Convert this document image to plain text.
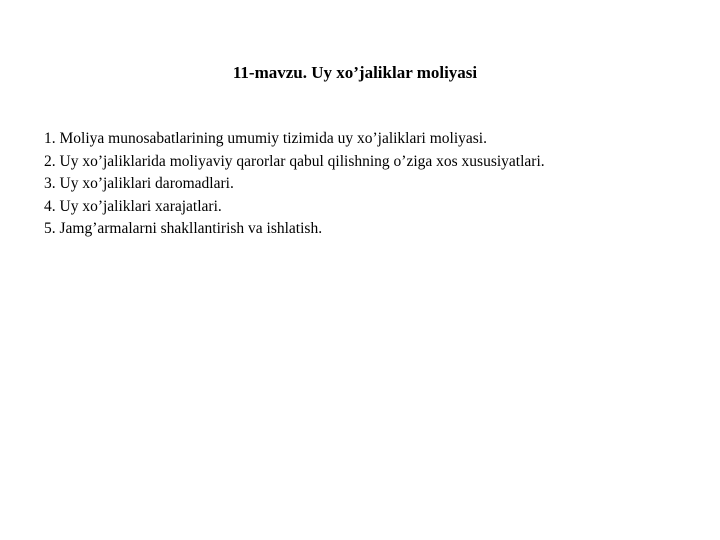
11-mavzu. Uy xo’jaliklar moliyasi
1. Moliya munosabatlarining umumiy tizimida uy xo’jaliklari moliyasi.
2. Uy xo’jaliklarida moliyaviy qarorlar qabul qilishning o’ziga xos xususiyatlari.
3. Uy xo’jaliklari daromadlari.
4. Uy xo’jaliklari xarajatlari.
5. Jamg’armalarni shakllantirish va ishlatish.
